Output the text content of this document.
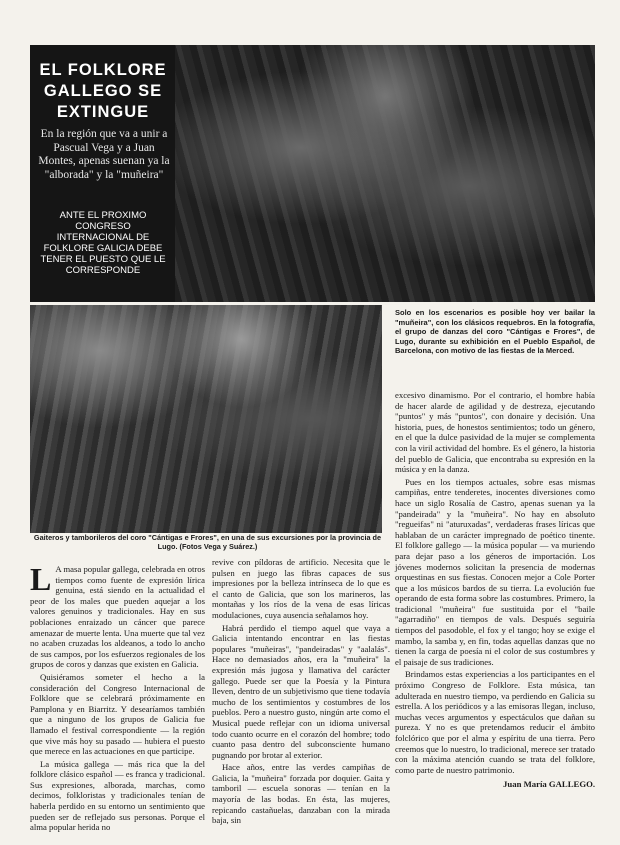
EL FOLKLORE GALLEGO SE EXTINGUE
En la región que va a unir a Pascual Vega y a Juan Montes, apenas suenan ya la "alborada" y la "muñeira"
ANTE EL PROXIMO CONGRESO INTERNACIONAL DE FOLKLORE GALICIA DEBE TENER EL PUESTO QUE LE CORRESPONDE
Solo en los escenarios es posible hoy ver bailar la "muñeira", con los clásicos requebros. En la fotografía, el grupo de danzas del coro "Cántigas e Frores", de Lugo, durante su exhibición en el Pueblo Español, de Barcelona, con motivo de las fiestas de la Merced.
Gaiteros y tamborileros del coro "Cántigas e Frores", en una de sus excursiones por la provincia de Lugo. (Fotos Vega y Suárez.)
L A masa popular gallega, celebrada en otros tiempos como fuente de expresión lírica genuina, está siendo en la actualidad el peor de los males que pueden aquejar a los valores genuinos y tradicionales. Hay en sus poblaciones enraizado un cáncer que parece amenazar de muerte lenta. Una muerte que tal vez no acaben cruzadas los aldeanos, a todo lo ancho de sus campos, por los esfuerzos regionales de los grupos de coros y danzas que existen en Galicia.

Quisiéramos someter el hecho a la consideración del Congreso Internacional de Folklore que se celebrará próximamente en Pamplona y en Biarritz. Y desearíamos también que a ninguno de los grupos de Galicia fue llamado el festival correspondiente — la región que vive más hoy su pasado — hubiera el puesto que merece en las actuaciones en que participe.

La música gallega — más rica que la del folklore clásico español — es franca y tradicional. Sus expresiones, alborada, marchas, como decimos, folkloristas y tradicionales tenían de haberla perdido en su entorno un sentimiento que pueden ser de reflejado sus personas. Porque el alma popular herida no

revive con píldoras de artificio. Necesita que le pulsen en juego las fibras capaces de sus impresiones por la belleza intrínseca de lo que es el canto de Galicia, que son los marineros, las montañas y los ríos de la vena de esas líricas modulaciones, cuya ausencia señalamos hoy.

Habrá perdido el tiempo aquel que vaya a Galicia intentando encontrar en las fiestas populares "muñeiras", "pandeiradas" y "aalalás". Hace no demasiados años, era la "muñeira" la expresión más jugosa y llamativa del carácter gallego. Puede ser que la Poesía y la Pintura lleven, dentro de un subjetivismo que tiene todavía mucho de los sentimientos y costumbres de los pueblos. Pero a nuestro gusto, ningún arte como el Musical puede reflejar con un idioma universal todo cuanto ocurre en el corazón del hombre; todo cuanto pasa dentro del subconsciente humano pugnando por brotar al exterior.

Hace años, entre las verdes campiñas de Galicia, la "muñeira" forzada por doquier. Gaita y tamboril — escuela sonoras — tenían en la mayoría de las bodas. En ésta, las mujeres, repicando castañuelas, danzaban con la mirada baja, sin

excesivo dinamismo. Por el contrario, el hombre había de hacer alarde de agilidad y de destreza, ejecutando "puntos" y más "puntos", con donaire y decisión. Una historia, pues, de honestos sentimientos; todo un género, en el que la dulce pasividad de la mujer se complementa con la viril actividad del hombre. Es el género, la historia del pueblo de Galicia, que encontraba su expresión en la música y en la danza.

Pues en los tiempos actuales, sobre esas mismas campiñas, entre tenderetes, inocentes diversiones como hace un siglo Rosalía de Castro, apenas suenan ya la "pandeirada" y la "muñeira". No hay en absoluto "regueifas" ni "aturuxadas", verdaderas frases líricas que hablaban de un carácter impregnado de poético tinente. El folklore gallego — la música popular — va muriendo para dejar paso a los géneros de importación. Los jóvenes modernos solicitan la presencia de modernas orquestinas en sus fiestas. Conocen mejor a Cole Porter que a los músicos bardos de su tierra. La evolución fue operando de esta forma sobre las costumbres. Primero, la tradicional "muñeira" fue sustituida por el "baile "agarradiño" en tiempos de vals. Después seguiría tiempos del pasodoble, el fox y el tango; hoy se exige el mambo, la samba y, en fin, todas aquellas danzas que no tienen la carga de poesía ni el color de sus costumbres y el paisaje de sus tradiciones.

Brindamos estas experiencias a los participantes en el próximo Congreso de Folklore. Esta música, tan adulterada en nuestro tiempo, va perdiendo en Galicia su estrella. A los periódicos y a las emisoras llegan, incluso, muchas veces argumentos y espectáculos que dañan su pureza. Y no es que pretendamos reducir el ámbito folclórico que por el alma y espíritu de una tierra. Pero creemos que lo nuestro, lo tradicional, merece ser tratado con la máxima atención cuando se trata del folklore, como parte de nuestro patrimonio.

Juan María GALLEGO.
